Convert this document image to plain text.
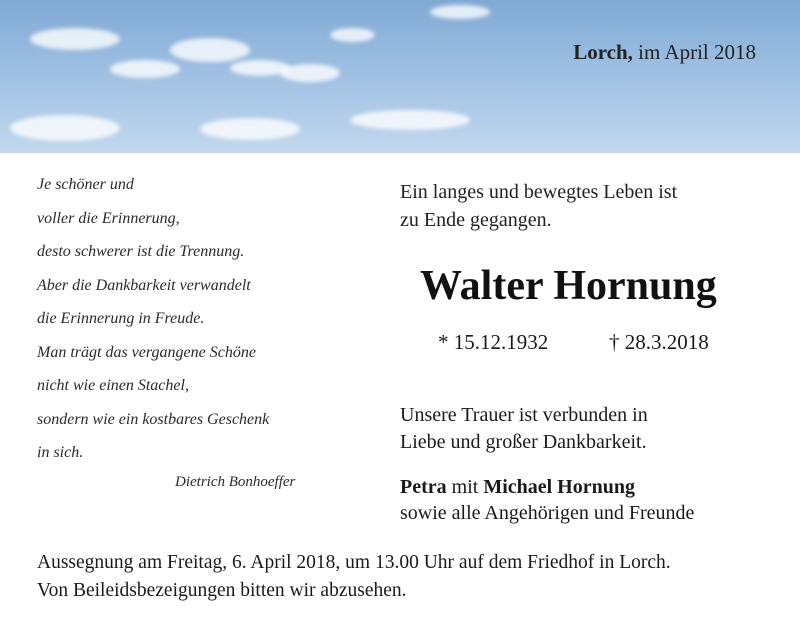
Lorch, im April 2018
Je schöner und
voller die Erinnerung,
desto schwerer ist die Trennung.
Aber die Dankbarkeit verwandelt
die Erinnerung in Freude.
Man trägt das vergangene Schöne
nicht wie einen Stachel,
sondern wie ein kostbares Geschenk
in sich.
Dietrich Bonhoeffer
Ein langes und bewegtes Leben ist
zu Ende gegangen.
Walter Hornung
* 15.12.1932	† 28.3.2018
Unsere Trauer ist verbunden in
Liebe und großer Dankbarkeit.
Petra mit Michael Hornung
sowie alle Angehörigen und Freunde
Aussegnung am Freitag, 6. April 2018, um 13.00 Uhr auf dem Friedhof in Lorch.
Von Beileidsbezeigungen bitten wir abzusehen.
